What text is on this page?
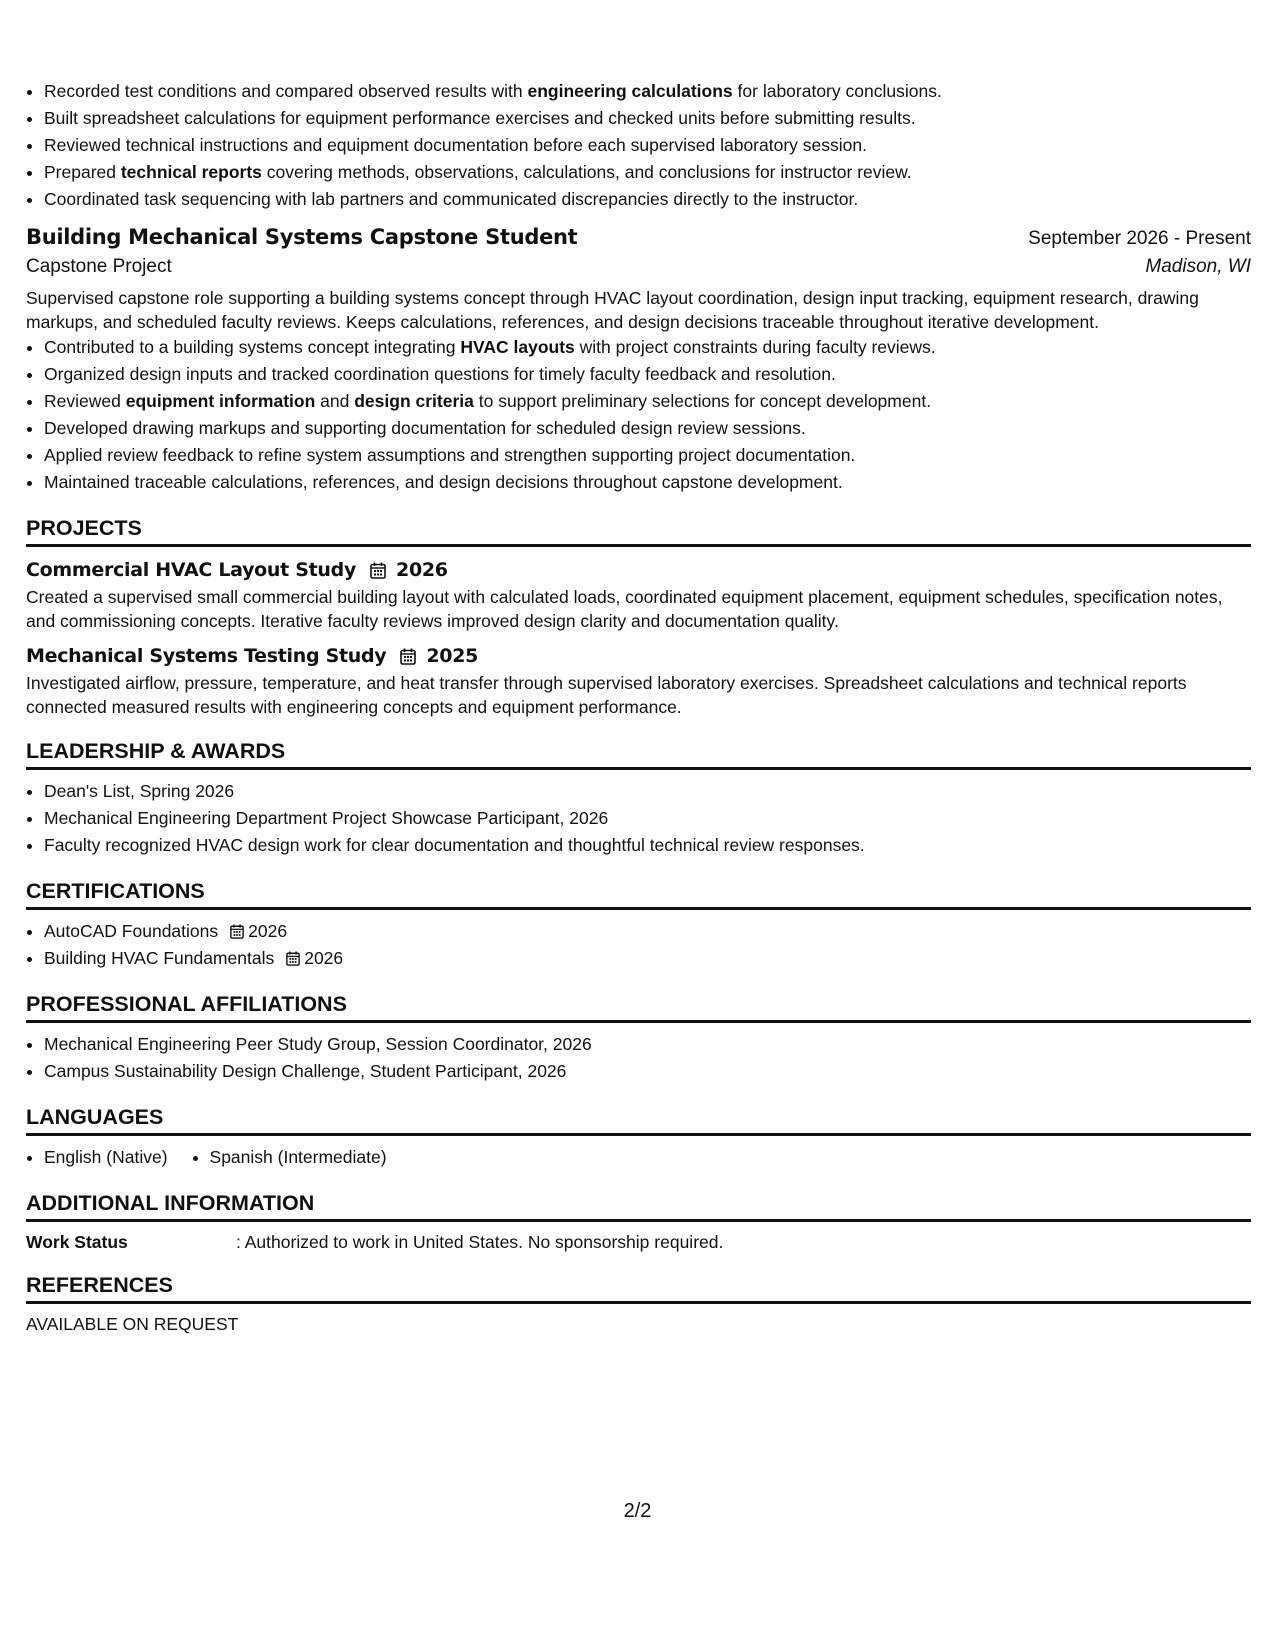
• Recorded test conditions and compared observed results with engineering calculations for laboratory conclusions.
• Built spreadsheet calculations for equipment performance exercises and checked units before submitting results.
• Reviewed technical instructions and equipment documentation before each supervised laboratory session.
• Prepared technical reports covering methods, observations, calculations, and conclusions for instructor review.
• Coordinated task sequencing with lab partners and communicated discrepancies directly to the instructor.
Building Mechanical Systems Capstone Student	September 2026 - Present
Capstone Project	Madison, WI
Supervised capstone role supporting a building systems concept through HVAC layout coordination, design input tracking, equipment research, drawing markups, and scheduled faculty reviews. Keeps calculations, references, and design decisions traceable throughout iterative development.
• Contributed to a building systems concept integrating HVAC layouts with project constraints during faculty reviews.
• Organized design inputs and tracked coordination questions for timely faculty feedback and resolution.
• Reviewed equipment information and design criteria to support preliminary selections for concept development.
• Developed drawing markups and supporting documentation for scheduled design review sessions.
• Applied review feedback to refine system assumptions and strengthen supporting project documentation.
• Maintained traceable calculations, references, and design decisions throughout capstone development.
PROJECTS
Commercial HVAC Layout Study 2026
Created a supervised small commercial building layout with calculated loads, coordinated equipment placement, equipment schedules, specification notes, and commissioning concepts. Iterative faculty reviews improved design clarity and documentation quality.
Mechanical Systems Testing Study 2025
Investigated airflow, pressure, temperature, and heat transfer through supervised laboratory exercises. Spreadsheet calculations and technical reports connected measured results with engineering concepts and equipment performance.
LEADERSHIP & AWARDS
• Dean's List, Spring 2026
• Mechanical Engineering Department Project Showcase Participant, 2026
• Faculty recognized HVAC design work for clear documentation and thoughtful technical review responses.
CERTIFICATIONS
• AutoCAD Foundations 2026
• Building HVAC Fundamentals 2026
PROFESSIONAL AFFILIATIONS
• Mechanical Engineering Peer Study Group, Session Coordinator, 2026
• Campus Sustainability Design Challenge, Student Participant, 2026
LANGUAGES
• English (Native)
• Spanish (Intermediate)
ADDITIONAL INFORMATION
Work Status	: Authorized to work in United States. No sponsorship required.
REFERENCES
AVAILABLE ON REQUEST
2/2
